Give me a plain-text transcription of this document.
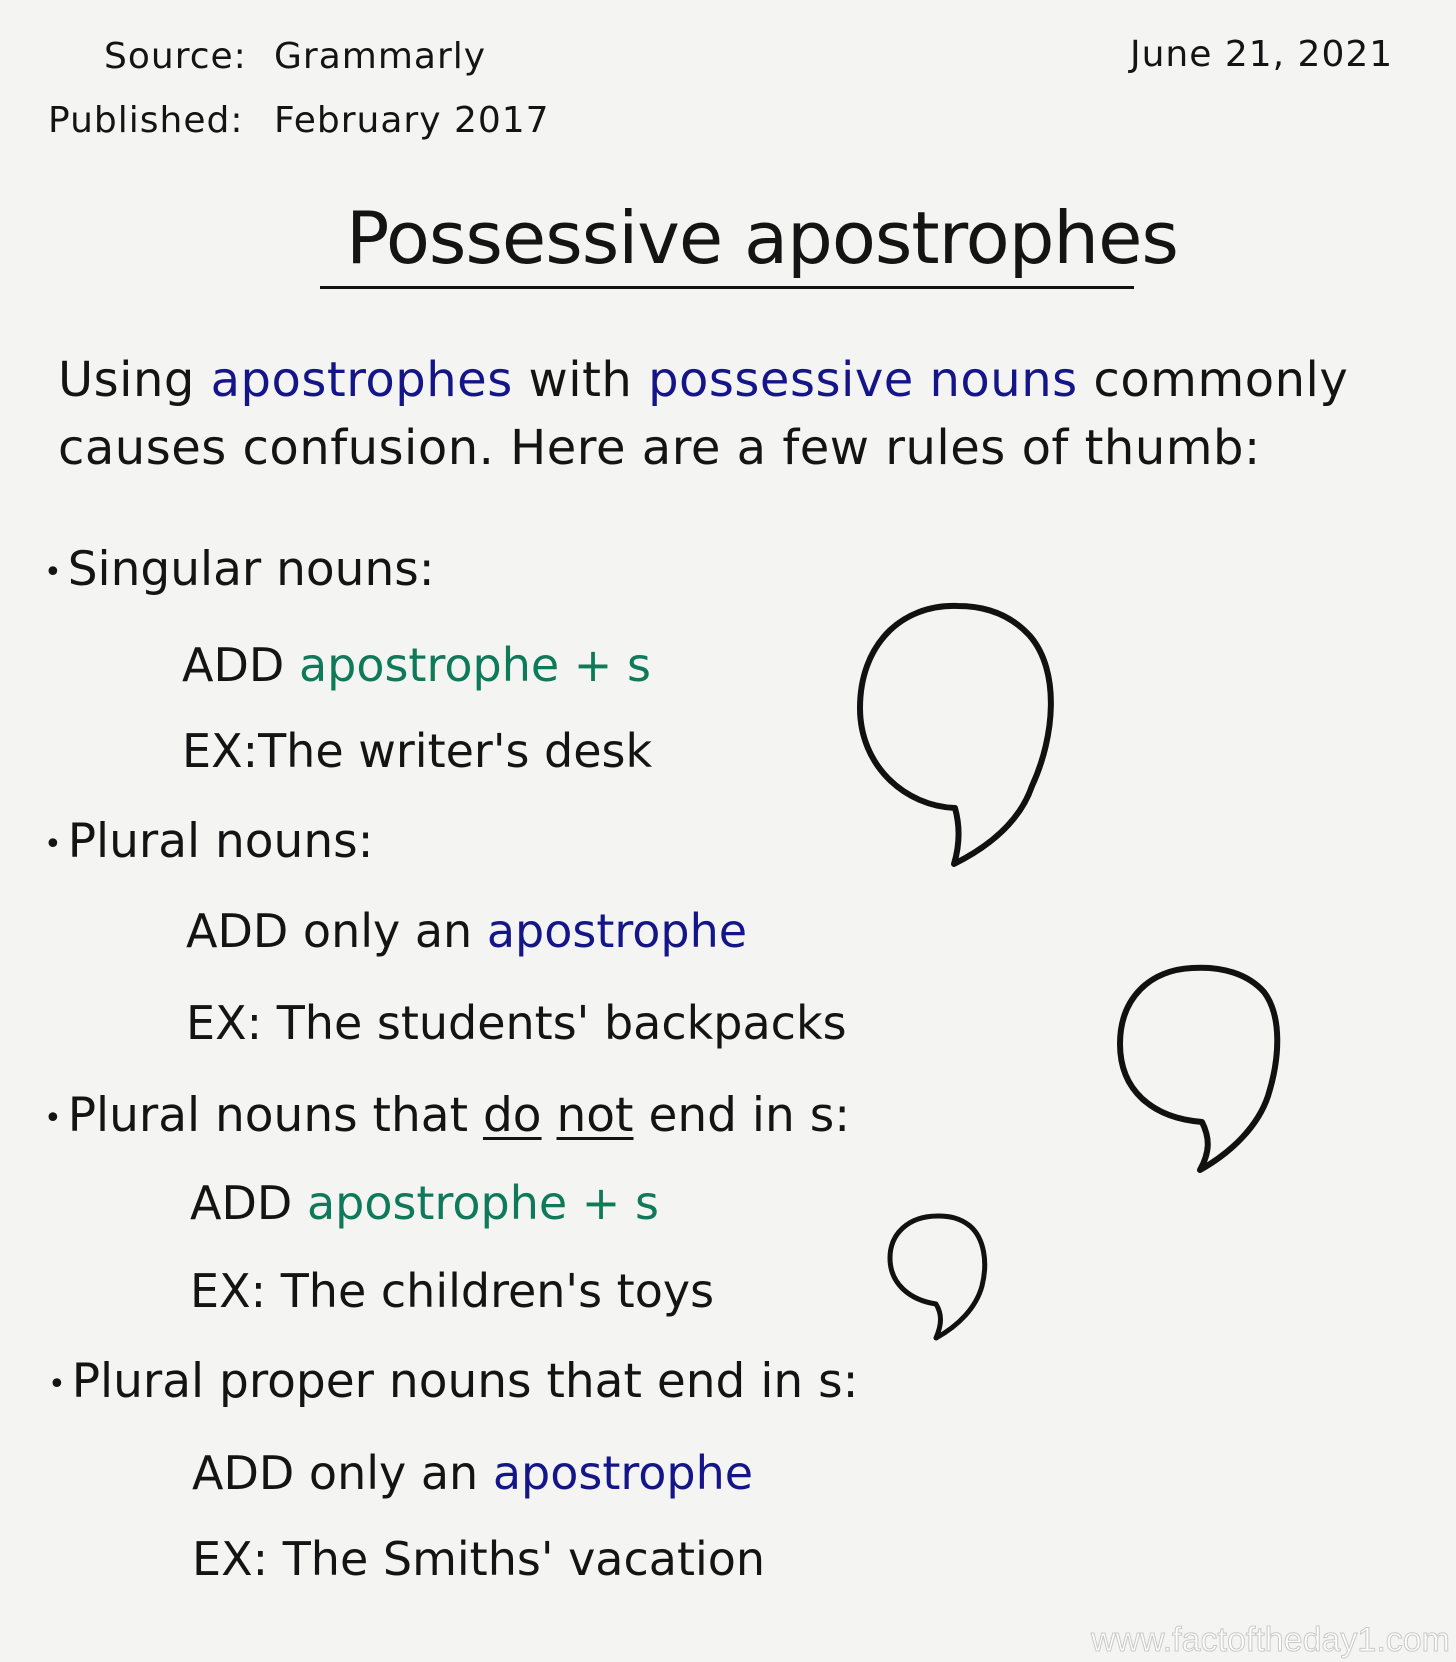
Source: Grammarly
Published: February 2017
June 21, 2021
Possessive apostrophes
Using apostrophes with possessive nouns commonly
causes confusion. Here are a few rules of thumb:
• Singular nouns:
ADD apostrophe + s
EX:The writer's desk
• Plural nouns:
ADD only an apostrophe
EX: The students' backpacks
• Plural nouns that do not end in s:
ADD apostrophe + s
EX: The children's toys
• Plural proper nouns that end in s:
ADD only an apostrophe
EX: The Smiths' vacation
www.factoftheday1.com
